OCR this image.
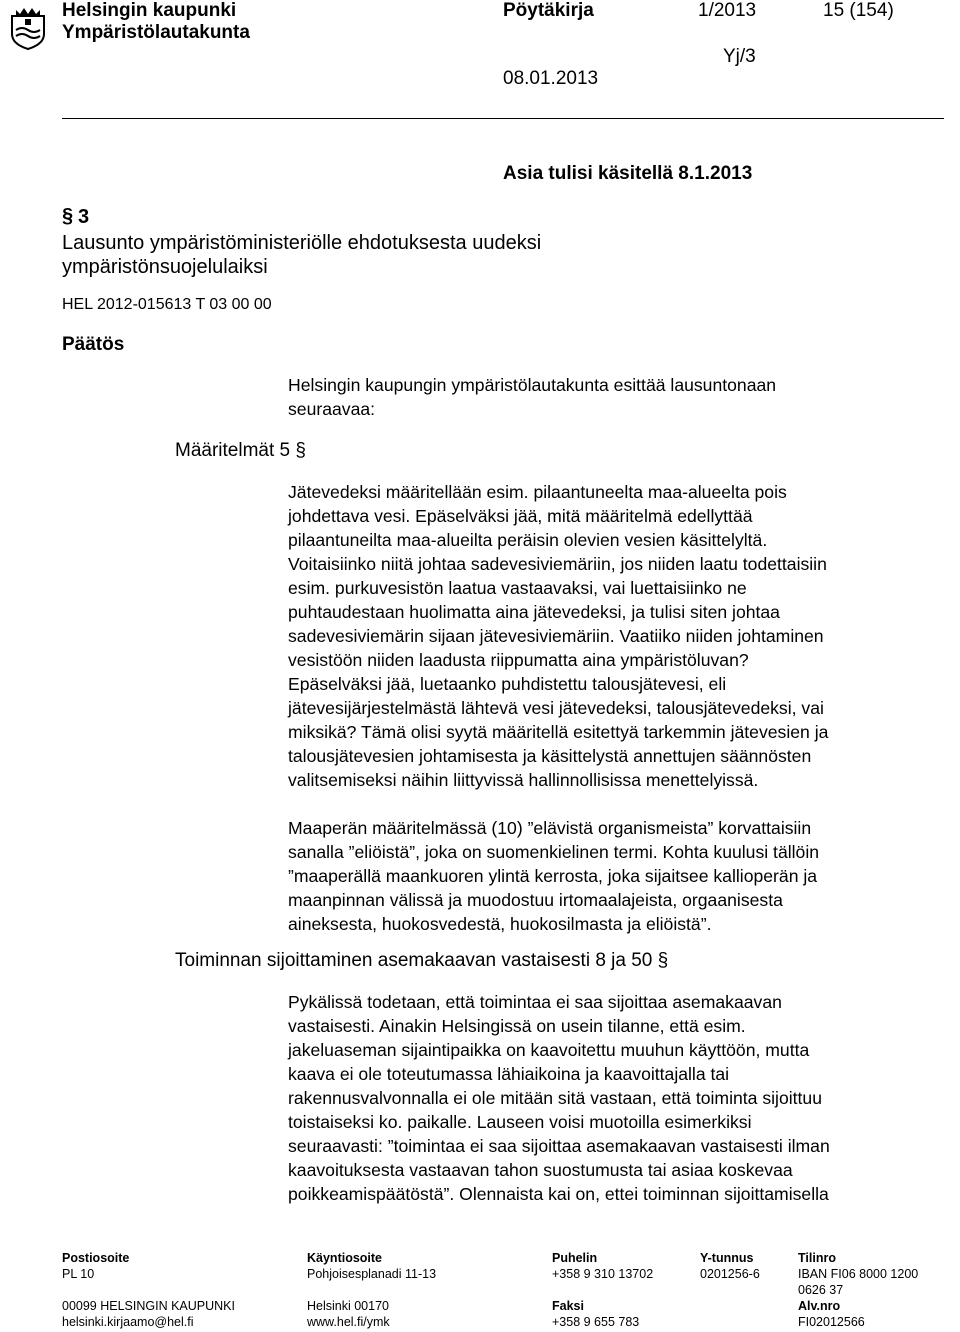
Helsingin kaupunki
Ympäristölautakunta
Pöytäkirja	1/2013	15 (154)
Yj/3
08.01.2013
§ 3
Asia tulisi käsitellä 8.1.2013
Lausunto ympäristöministeriölle ehdotuksesta uudeksi
ympäristönsuojelulaiksi
HEL 2012-015613 T 03 00 00
Päätös

Helsingin kaupungin ympäristölautakunta esittää lausuntonaan
seuraavaa:

Määritelmät 5 §

Jätevedeksi määritellään esim. pilaantuneelta maa-alueelta pois
johdettava vesi. Epäselväksi jää, mitä määritelmä edellyttää
pilaantuneilta maa-alueilta peräisin olevien vesien käsittelyltä.
Voitaisiinko niitä johtaa sadevesiviemäriin, jos niiden laatu todettaisiin
esim. purkuvesistön laatua vastaavaksi, vai luettaisiinko ne
puhtaudestaan huolimatta aina jätevedeksi, ja tulisi siten johtaa
sadevesiviemärin sijaan jätevesiviemäriin. Vaatiiko niiden johtaminen
vesistöön niiden laadusta riippumatta aina ympäristöluvan?
Epäselväksi jää, luetaanko puhdistettu talousjätevesi, eli
jätevesijärjestelmästä lähtevä vesi jätevedeksi, talousjätevedeksi, vai
miksikä? Tämä olisi syytä määritellä esitettyä tarkemmin jätevesien ja
talousjätevesien johtamisesta ja käsittelystä annettujen säännösten
valitsemiseksi näihin liittyvissä hallinnollisissa menettelyissä.

Maaperän määritelmässä (10) ”elävistä organismeista” korvattaisiin
sanalla ”eliöistä”, joka on suomenkielinen termi. Kohta kuulusi tällöin
”maaperällä maankuoren ylintä kerrosta, joka sijaitsee kallioperän ja
maanpinnan välissä ja muodostuu irtomaalajeista, orgaanisesta
aineksesta, huokosvedestä, huokosilmasta ja eliöistä”.

Toiminnan sijoittaminen asemakaavan vastaisesti 8 ja 50 §

Pykälissä todetaan, että toimintaa ei saa sijoittaa asemakaavan
vastaisesti. Ainakin Helsingissä on usein tilanne, että esim.
jakeluaseman sijaintipaikka on kaavoitettu muuhun käyttöön, mutta
kaava ei ole toteutumassa lähiaikoina ja kaavoittajalla tai
rakennusvalvonnalla ei ole mitään sitä vastaan, että toiminta sijoittuu
toistaiseksi ko. paikalle. Lauseen voisi muotoilla esimerkiksi
seuraavasti: ”toimintaa ei saa sijoittaa asemakaavan vastaisesti ilman
kaavoituksesta vastaavan tahon suostumusta tai asiaa koskevaa
poikkeamispäätöstä”. Olennaista kai on, ettei toiminnan sijoittamisella

Postiosoite
PL 10
00099 HELSINGIN KAUPUNKI
helsinki.kirjaamo@hel.fi
Käyntiosoite
Pohjoisesplanadi 11-13
Helsinki 00170
www.hel.fi/ymk
Puhelin
+358 9 310 13702
Faksi
+358 9 655 783
Y-tunnus
0201256-6
Tilinro
IBAN FI06 8000 1200
0626 37
Alv.nro
FI02012566
